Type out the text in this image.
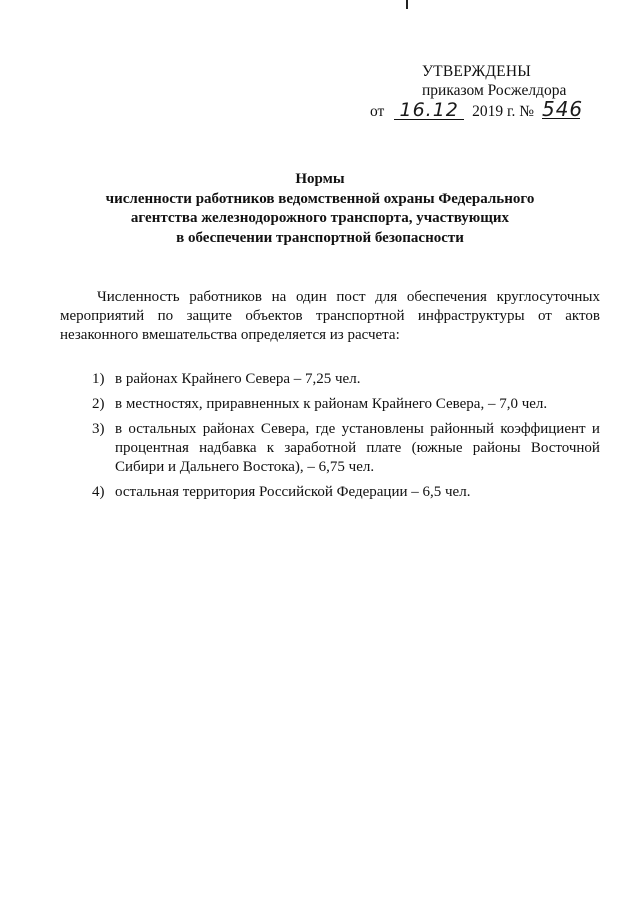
УТВЕРЖДЕНЫ
приказом Росжелдора
от 16.12 2019 г. № 546
Нормы
численности работников ведомственной охраны Федерального
агентства железнодорожного транспорта, участвующих
в обеспечении транспортной безопасности
Численность работников на один пост для обеспечения круглосуточных
мероприятий по защите объектов транспортной инфраструктуры от актов
незаконного вмешательства определяется из расчета:
1) в районах Крайнего Севера – 7,25 чел.
2) в местностях, приравненных к районам Крайнего Севера, – 7,0 чел.
3) в остальных районах Севера, где установлены районный коэффициент и
процентная надбавка к заработной плате (южные районы Восточной
Сибири и Дальнего Востока), – 6,75 чел.
4) остальная территория Российской Федерации – 6,5 чел.
